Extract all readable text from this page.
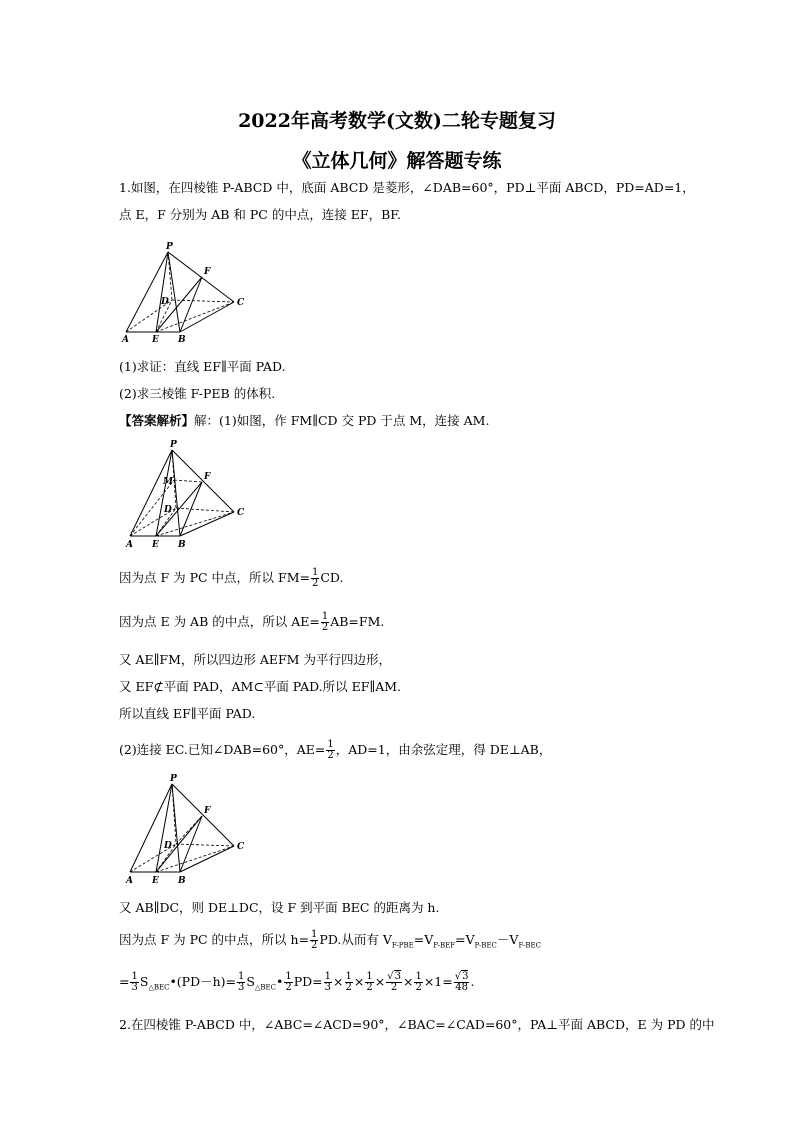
2022年高考数学(文数)二轮专题复习
《立体几何》解答题专练
1.如图，在四棱锥 P-ABCD 中，底面 ABCD 是菱形，∠DAB=60°，PD⊥平面 ABCD，PD=AD=1，
点 E，F 分别为 AB 和 PC 的中点，连接 EF，BF.
P
F
D	C
A	E B
(1)求证：直线 EF∥平面 PAD.
(2)求三棱锥 F-PEB 的体积.
【答案解析】解：(1)如图，作 FM∥CD 交 PD 于点 M，连接 AM.
P
F
M
D	C
A E B
因为点 F 为 PC 中点，所以 $FM= \frac{1}{2}$ CD.
因为点 E 为 AB 的中点，所以 $AE= \frac{1}{2} AB=FM$.
又 AE∥FM，所以四边形 AEFM 为平行四边形，
又 EF⊄平面 PAD，AM⊂平面 PAD.所以 EF∥AM.
所以直线 EF∥平面 PAD.
(2)连接 EC.已知∠DAB=60°，$AE= \frac{1}{2}$ ，AD=1，由余弦定理，得 DE⊥AB，
P
F
D	C
A E B
又 AB∥DC，则 DE⊥DC，设 F 到平面 BEC 的距离为 h.
因为点 F 为 PC 的中点，所以 $h= \frac{1}{2}$ PD.从而有 $V_{F-PBE}=V_{P-BEF}=V_{P-BEC}-V_{F-BEC}$
= $\frac{1}{3}$ $S_{\triangle BEC}•(PD-h)= \frac{1}{3}$ $S_{\triangle BEC}• \frac{1}{2} PD= \frac{1}{3} \times \frac{1}{2} \times \frac{1}{2} \times \frac{√3}{2} \times \frac{1}{2} \times 1= \frac{√3}{48}$ .
2.在四棱锥 P-ABCD 中，∠ABC=∠ACD=90°，∠BAC=∠CAD=60°，PA⊥平面 ABCD，E 为 PD 的中
